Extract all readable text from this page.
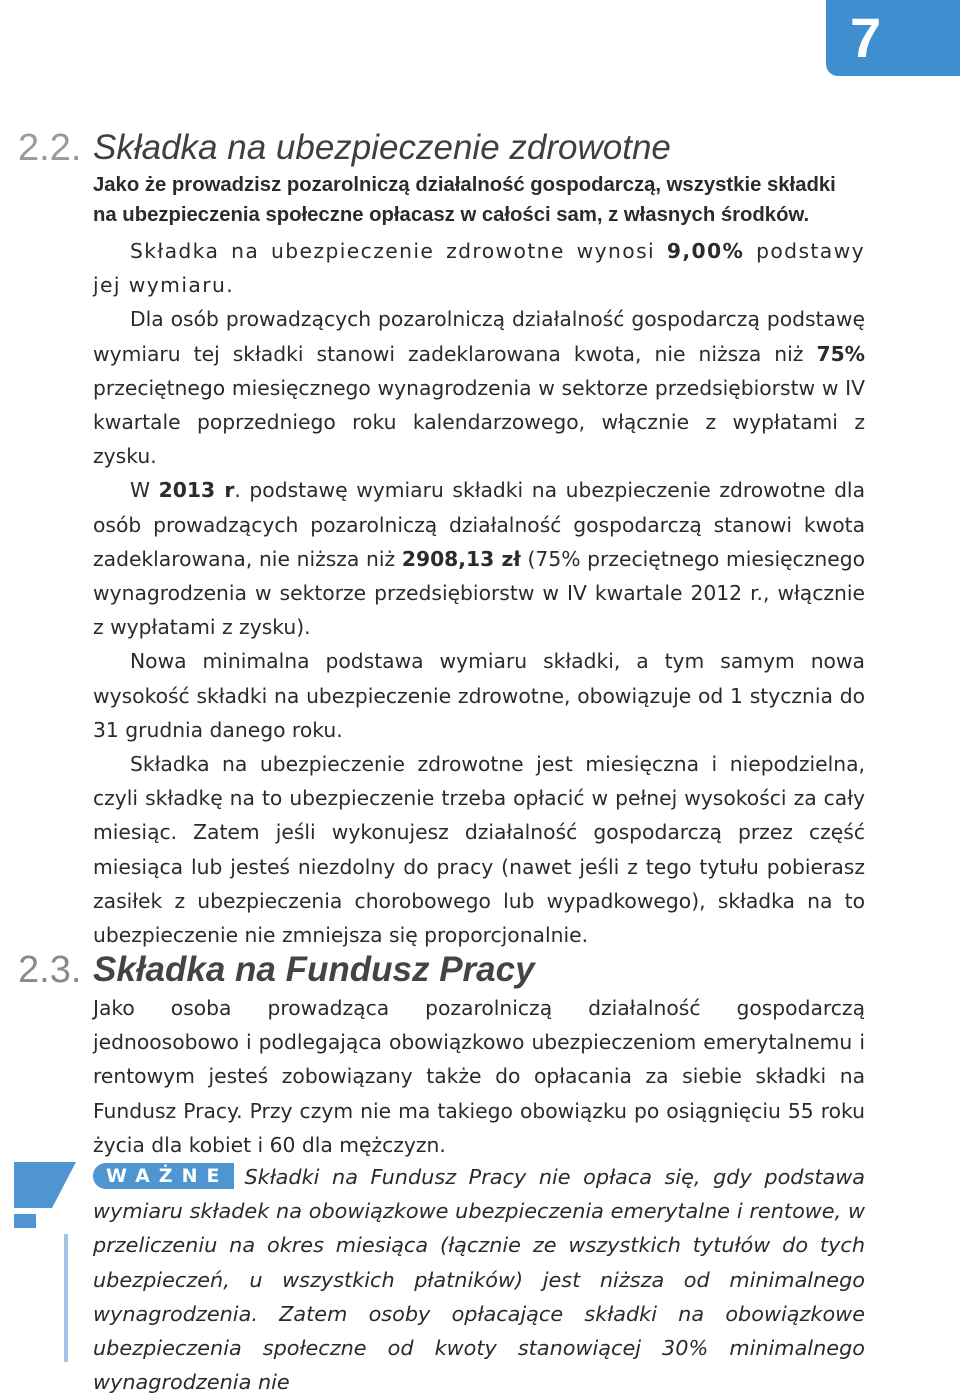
7
2.2. Składka na ubezpieczenie zdrowotne

Jako że prowadzisz pozarolniczą działalność gospodarczą, wszystkie składki na ubezpieczenia społeczne opłacasz w całości sam, z własnych środków.

Składka na ubezpieczenie zdrowotne wynosi 9,00% podstawy jej wymiaru.

Dla osób prowadzących pozarolniczą działalność gospodarczą podstawę wymiaru tej składki stanowi zadeklarowana kwota, nie niższa niż 75% przeciętnego miesięcznego wynagrodzenia w sektorze przedsiębiorstw w IV kwartale poprzedniego roku kalendarzowego, włącznie z wypłatami z zysku.

W 2013 r. podstawę wymiaru składki na ubezpieczenie zdrowotne dla osób prowadzących pozarolniczą działalność gospodarczą stanowi kwota zadeklarowana, nie niższa niż 2908,13 zł (75% przeciętnego miesięcznego wynagrodzenia w sektorze przedsiębiorstw w IV kwartale 2012 r., włącznie z wypłatami z zysku).

Nowa minimalna podstawa wymiaru składki, a tym samym nowa wysokość składki na ubezpieczenie zdrowotne, obowiązuje od 1 stycznia do 31 grudnia danego roku.

Składka na ubezpieczenie zdrowotne jest miesięczna i niepodzielna, czyli składkę na to ubezpieczenie trzeba opłacić w pełnej wysokości za cały miesiąc. Zatem jeśli wykonujesz działalność gospodarczą przez część miesiąca lub jesteś niezdolny do pracy (nawet jeśli z tego tytułu pobierasz zasiłek z ubezpieczenia chorobowego lub wypadkowego), składka na to ubezpieczenie nie zmniejsza się proporcjonalnie.

2.3. Składka na Fundusz Pracy

Jako osoba prowadząca pozarolniczą działalność gospodarczą jednoosobowo i podlegająca obowiązkowo ubezpieczeniom emerytalnemu i rentowym jesteś zobowiązany także do opłacania za siebie składki na Fundusz Pracy. Przy czym nie ma takiego obowiązku po osiągnięciu 55 roku życia dla kobiet i 60 dla mężczyzn.

WAŻNE Składki na Fundusz Pracy nie opłaca się, gdy podstawa wymiaru składek na obowiązkowe ubezpieczenia emerytalne i rentowe, w przeliczeniu na okres miesiąca (łącznie ze wszystkich tytułów do tych ubezpieczeń, u wszystkich płatników) jest niższa od minimalnego wynagrodzenia. Zatem osoby opłacające składki na obowiązkowe ubezpieczenia społeczne od kwoty stanowiącej 30% minimalnego wynagrodzenia nie
